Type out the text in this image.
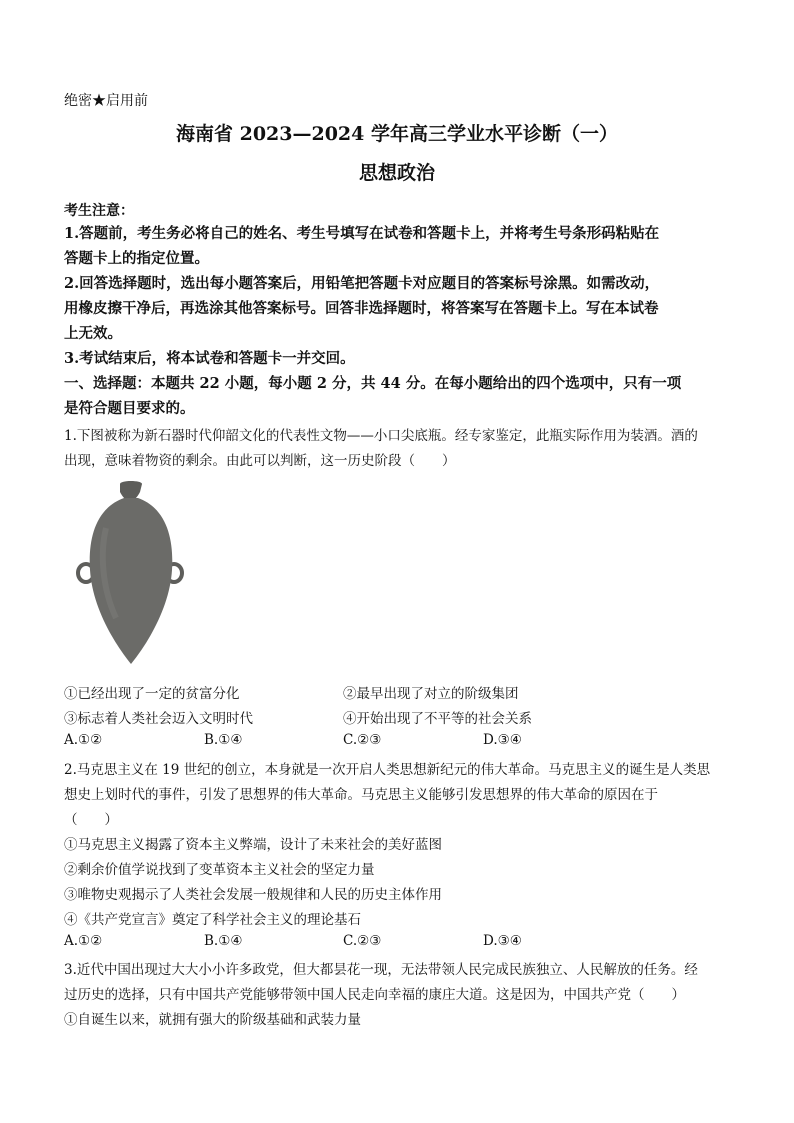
绝密★启用前
海南省 2023—2024 学年高三学业水平诊断（一）
思想政治
考生注意：
1.答题前，考生务必将自己的姓名、考生号填写在试卷和答题卡上，并将考生号条形码粘贴在
答题卡上的指定位置。
2.回答选择题时，选出每小题答案后，用铅笔把答题卡对应题目的答案标号涂黑。如需改动，
用橡皮擦干净后，再选涂其他答案标号。回答非选择题时，将答案写在答题卡上。写在本试卷
上无效。
3.考试结束后，将本试卷和答题卡一并交回。
一、选择题：本题共 22 小题，每小题 2 分，共 44 分。在每小题给出的四个选项中，只有一项
是符合题目要求的。
1.下图被称为新石器时代仰韶文化的代表性文物——小口尖底瓶。经专家鉴定，此瓶实际作用为装酒。酒的
出现，意味着物资的剩余。由此可以判断，这一历史阶段（　　）
①已经出现了一定的贫富分化	②最早出现了对立的阶级集团
③标志着人类社会迈入文明时代	④开始出现了不平等的社会关系
A.①②	B.①④	C.②③	D.③④
2.马克思主义在 19 世纪的创立，本身就是一次开启人类思想新纪元的伟大革命。马克思主义的诞生是人类思
想史上划时代的事件，引发了思想界的伟大革命。马克思主义能够引发思想界的伟大革命的原因在于
（　　）
①马克思主义揭露了资本主义弊端，设计了未来社会的美好蓝图
②剩余价值学说找到了变革资本主义社会的坚定力量
③唯物史观揭示了人类社会发展一般规律和人民的历史主体作用
④《共产党宣言》奠定了科学社会主义的理论基石
A.①②	B.①④	C.②③	D.③④
3.近代中国出现过大大小小许多政党，但大都昙花一现，无法带领人民完成民族独立、人民解放的任务。经
过历史的选择，只有中国共产党能够带领中国人民走向幸福的康庄大道。这是因为，中国共产党（　　）
①自诞生以来，就拥有强大的阶级基础和武装力量
